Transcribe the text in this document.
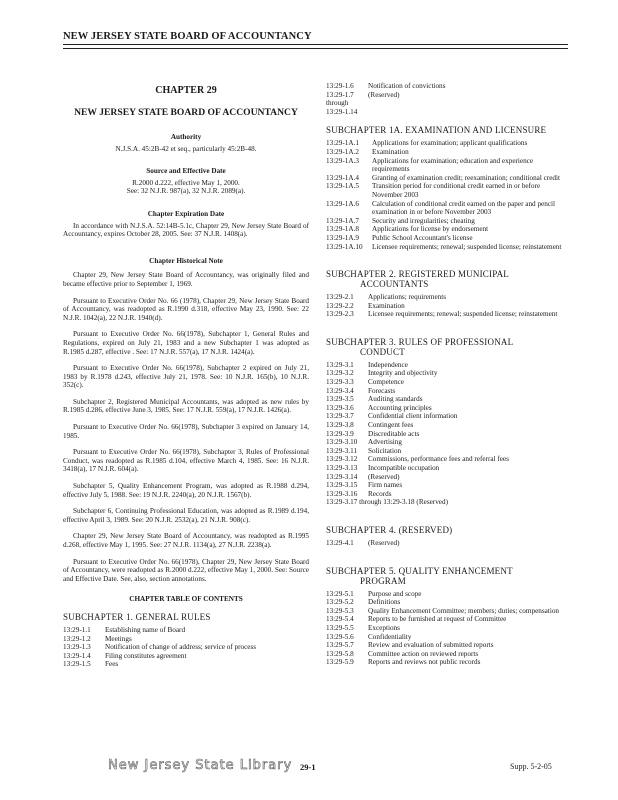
NEW JERSEY STATE BOARD OF ACCOUNTANCY
CHAPTER 29
NEW JERSEY STATE BOARD OF ACCOUNTANCY
Authority
N.J.S.A. 45:2B-42 et seq., particularly 45:2B-48.
Source and Effective Date
R.2000 d.222, effective May 1, 2000.
See: 32 N.J.R. 987(a), 32 N.J.R. 2089(a).
Chapter Expiration Date
In accordance with N.J.S.A. 52:14B-5.1c, Chapter 29, New Jersey State Board of Accountancy, expires October 28, 2005. See: 37 N.J.R. 1408(a).
Chapter Historical Note
Chapter 29, New Jersey State Board of Accountancy, was originally filed and became effective prior to September 1, 1969.
Pursuant to Executive Order No. 66 (1978), Chapter 29, New Jersey State Board of Accountancy, was readopted as R.1990 d.318, effective May 23, 1990. See: 22 N.J.R. 1042(a), 22 N.J.R. 1940(d).
Pursuant to Executive Order No. 66(1978), Subchapter 1, General Rules and Regulations, expired on July 21, 1983 and a new Subchapter 1 was adopted as R.1985 d.287, effective . See: 17 N.J.R. 557(a), 17 N.J.R. 1424(a).
Pursuant to Executive Order No. 66(1978), Subchapter 2 expired on July 21, 1983 by R.1978 d.243, effective July 21, 1978. See: 10 N.J.R. 165(b), 10 N.J.R. 352(c).
Subchapter 2, Registered Municipal Accountants, was adopted as new rules by R.1985 d.286, effective June 3, 1985. See: 17 N.J.R. 559(a), 17 N.J.R. 1426(a).
Pursuant to Executive Order No. 66(1978), Subchapter 3 expired on January 14, 1985.
Pursuant to Executive Order No. 66(1978), Subchapter 3, Rules of Professional Conduct, was readopted as R.1985 d.104, effective March 4, 1985. See: 16 N.J.R. 3418(a), 17 N.J.R. 604(a).
Subchapter 5, Quality Enhancement Program, was adopted as R.1988 d.294, effective July 5, 1988. See: 19 N.J.R. 2240(a), 20 N.J.R. 1567(b).
Subchapter 6, Continuing Professional Education, was adopted as R.1989 d.194, effective April 3, 1989. See: 20 N.J.R. 2532(a), 21 N.J.R. 908(c).
Chapter 29, New Jersey State Board of Accountancy, was readopted as R.1995 d.268, effective May 1, 1995. See: 27 N.J.R. 1134(a), 27 N.J.R. 2238(a).
Pursuant to Executive Order No. 66(1978), Chapter 29, New Jersey State Board of Accountancy, were readopted as R.2000 d.222, effective May 1, 2000. See: Source and Effective Date. See, also, section annotations.
CHAPTER TABLE OF CONTENTS
SUBCHAPTER 1. GENERAL RULES
13:29-1.1	Establishing name of Board
13:29-1.2	Meetings
13:29-1.3	Notification of change of address; service of process
13:29-1.4	Filing constitutes agreement
13:29-1.5	Fees
13:29-1.6	Notification of convictions
13:29-1.7	(Reserved)
through
13:29-1.14
SUBCHAPTER 1A. EXAMINATION AND LICENSURE
13:29-1A.1	Applications for examination; applicant qualifications
13:29-1A.2	Examination
13:29-1A.3	Applications for examination; education and experience requirements
13:29-1A.4	Granting of examination credit; reexamination; conditional credit
13:29-1A.5	Transition period for conditional credit earned in or before November 2003
13:29-1A.6	Calculation of conditional credit earned on the paper and pencil examination in or before November 2003
13:29-1A.7	Security and irregularities; cheating
13:29-1A.8	Applications for license by endorsement
13:29-1A.9	Public School Accountant's license
13:29-1A.10	Licensee requirements; renewal; suspended license; reinstatement
SUBCHAPTER 2. REGISTERED MUNICIPAL
ACCOUNTANTS
13:29-2.1	Applications; requirements
13:29-2.2	Examination
13:29-2.3	Licensee requirements; renewal; suspended license; reinstatement
SUBCHAPTER 3. RULES OF PROFESSIONAL
CONDUCT
13:29-3.1	Independence
13:29-3.2	Integrity and objectivity
13:29-3.3	Competence
13:29-3.4	Forecasts
13:29-3.5	Auditing standards
13:29-3.6	Accounting principles
13:29-3.7	Confidential client information
13:29-3.8	Contingent fees
13:29-3.9	Discreditable acts
13:29-3.10	Advertising
13:29-3.11	Solicitation
13:29-3.12	Commissions, performance fees and referral fees
13:29-3.13	Incompatible occupation
13:29-3.14	(Reserved)
13:29-3.15	Firm names
13:29-3.16	Records
13:29-3.17 through 13:29-3.18 (Reserved)
SUBCHAPTER 4. (RESERVED)
13:29-4.1	(Reserved)
SUBCHAPTER 5. QUALITY ENHANCEMENT
PROGRAM
13:29-5.1	Purpose and scope
13:29-5.2	Definitions
13:29-5.3	Quality Enhancement Committee; members; duties; compensation
13:29-5.4	Reports to be furnished at request of Committee
13:29-5.5	Exceptions
13:29-5.6	Confidentiality
13:29-5.7	Review and evaluation of submitted reports
13:29-5.8	Committee action on reviewed reports
13:29-5.9	Reports and reviews not public records
New Jersey State Library 29-1	Supp. 5-2-05
